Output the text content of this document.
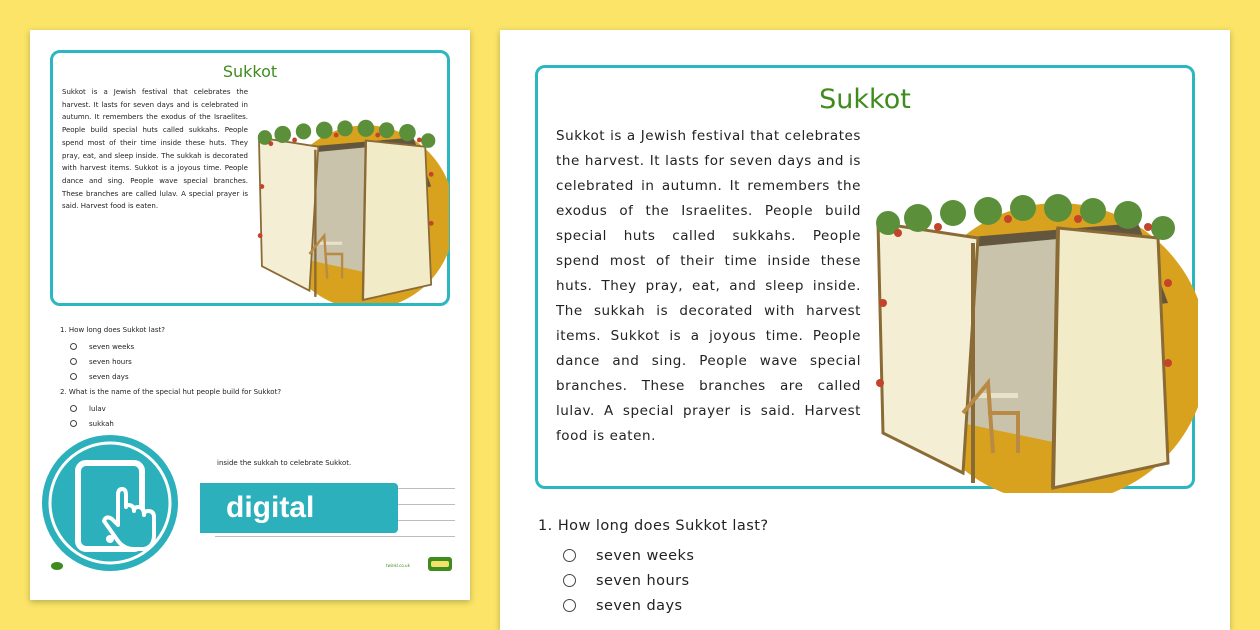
Sukkot
Sukkot is a Jewish festival that celebrates the harvest. It lasts for seven days and is celebrated in autumn. It remembers the exodus of the Israelites. People build special huts called sukkahs. People spend most of their time inside these huts. They pray, eat, and sleep inside. The sukkah is decorated with harvest items. Sukkot is a joyous time. People dance and sing. People wave special branches. These branches are called lulav. A special prayer is said. Harvest food is eaten.
1. How long does Sukkot last?
seven weeks
seven hours
seven days
2. What is the name of the special hut people build for Sukkot?
lulav
sukkah
inside the sukkah to celebrate Sukkot.
twinkl.co.uk
digital
Sukkot
Sukkot is a Jewish festival that celebrates the harvest. It lasts for seven days and is celebrated in autumn. It remembers the exodus of the Israelites. People build special huts called sukkahs. People spend most of their time inside these huts. They pray, eat, and sleep inside. The sukkah is decorated with harvest items. Sukkot is a joyous time. People dance and sing. People wave special branches. These branches are called lulav. A special prayer is said. Harvest food is eaten.
1. How long does Sukkot last?
seven weeks
seven hours
seven days
